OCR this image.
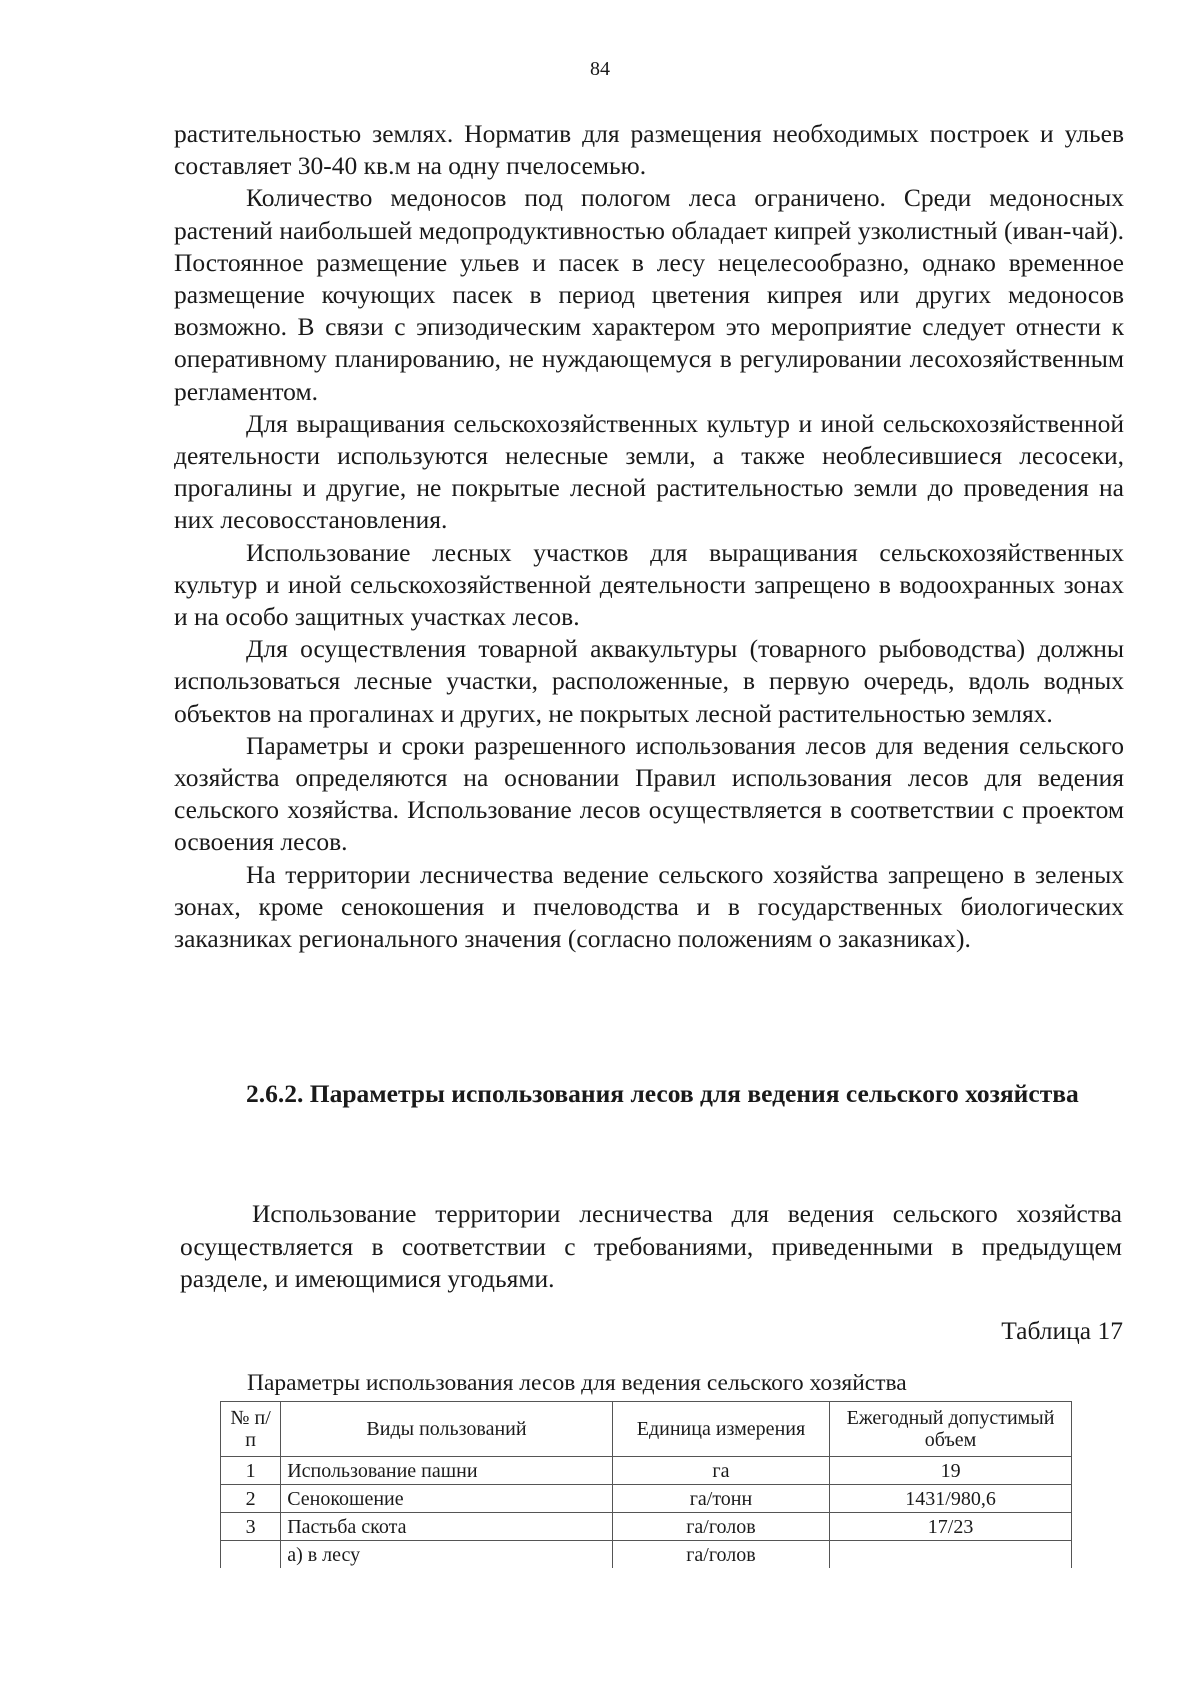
84

растительностью землях. Норматив для размещения необходимых построек и ульев составляет 30-40 кв.м на одну пчелосемью.

Количество медоносов под пологом леса ограничено. Среди медоносных растений наибольшей медопродуктивностью обладает кипрей узколистный (иван-чай). Постоянное размещение ульев и пасек в лесу нецелесообразно, однако временное размещение кочующих пасек в период цветения кипрея или других медоносов возможно. В связи с эпизодическим характером это мероприятие следует отнести к оперативному планированию, не нуждающемуся в регулировании лесохозяйственным регламентом.

Для выращивания сельскохозяйственных культур и иной сельскохозяйственной деятельности используются нелесные земли, а также необлесившиеся лесосеки, прогалины и другие, не покрытые лесной растительностью земли до проведения на них лесовосстановления.

Использование лесных участков для выращивания сельскохозяйственных культур и иной сельскохозяйственной деятельности запрещено в водоохранных зонах и на особо защитных участках лесов.

Для осуществления товарной аквакультуры (товарного рыбоводства) должны использоваться лесные участки, расположенные, в первую очередь, вдоль водных объектов на прогалинах и других, не покрытых лесной растительностью землях.

Параметры и сроки разрешенного использования лесов для ведения сельского хозяйства определяются на основании Правил использования лесов для ведения сельского хозяйства. Использование лесов осуществляется в соответствии с проектом освоения лесов.

На территории лесничества ведение сельского хозяйства запрещено в зеленых зонах, кроме сенокошения и пчеловодства и в государственных биологических заказниках регионального значения (согласно положениям о заказниках).

2.6.2. Параметры использования лесов для ведения сельского хозяйства

Использование территории лесничества для ведения сельского хозяйства осуществляется в соответствии с требованиями, приведенными в предыдущем разделе, и имеющимися угодьями.

Таблица 17
Параметры использования лесов для ведения сельского хозяйства
№ п/п	Виды пользований	Единица измерения	Ежегодный допустимый объем
1	Использование пашни	га	19
2	Сенокошение	га/тонн	1431/980,6
3	Пастьба скота	га/голов	17/23
	а) в лесу	га/голов	
